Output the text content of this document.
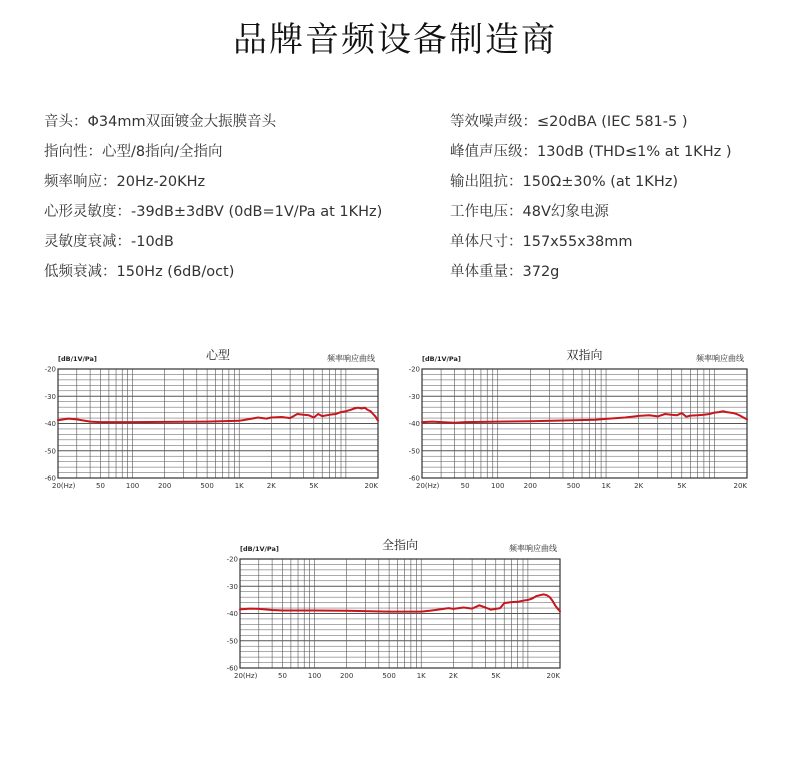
品牌音频设备制造商
音头：Φ34mm双面镀金大振膜音头
指向性：心型/8指向/全指向
频率响应：20Hz-20KHz
心形灵敏度：-39dB±3dBV (0dB=1V/Pa at 1KHz)
灵敏度衰减：-10dB
低频衰减：150Hz (6dB/oct)
等效噪声级：≤20dBA (IEC 581-5 )
峰值声压级：130dB (THD≤1% at 1KHz )
输出阻抗：150Ω±30% (at 1KHz)
工作电压：48V幻象电源
单体尺寸：157x55x38mm
单体重量：372g
心型
[dB/1V/Pa]	频率响应曲线
-20
-30
-40
-50
-60
20(Hz)	50	100	200	500	1K	2K	5K	20K
双指向
[dB/1V/Pa]	频率响应曲线
-20
-30
-40
-50
-60
20(Hz)	50	100	200	500	1K	2K	5K	20K
全指向
[dB/1V/Pa]	频率响应曲线
-20
-30
-40
-50
-60
20(Hz)	50	100	200	500	1K	2K	5K	20K
